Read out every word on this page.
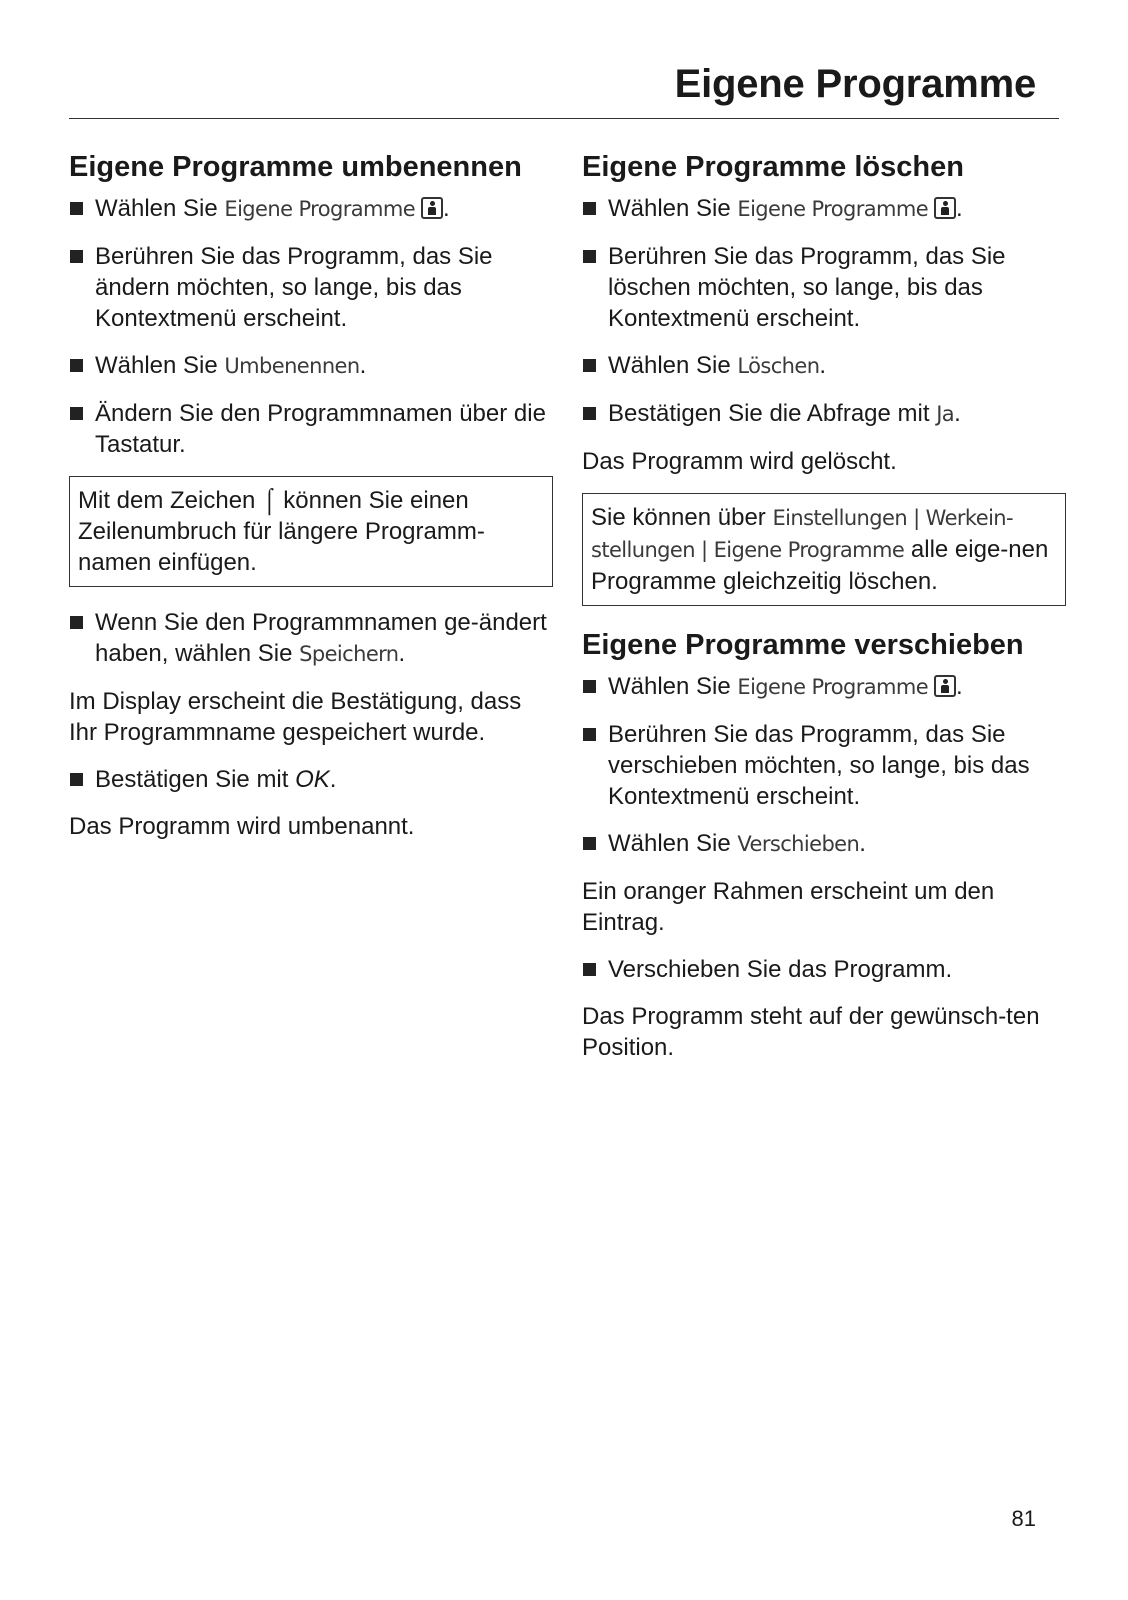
Eigene Programme
Eigene Programme umbenennen
Wählen Sie Eigene Programme .
Berühren Sie das Programm, das Sie ändern möchten, so lange, bis das Kontextmenü erscheint.
Wählen Sie Umbenennen.
Ändern Sie den Programmnamen über die Tastatur.
Mit dem Zeichen ⌠ können Sie einen Zeilenumbruch für längere Programm-namen einfügen.
Wenn Sie den Programmnamen ge-ändert haben, wählen Sie Speichern.
Im Display erscheint die Bestätigung, dass Ihr Programmname gespeichert wurde.
Bestätigen Sie mit OK.
Das Programm wird umbenannt.
Eigene Programme löschen
Wählen Sie Eigene Programme .
Berühren Sie das Programm, das Sie löschen möchten, so lange, bis das Kontextmenü erscheint.
Wählen Sie Löschen.
Bestätigen Sie die Abfrage mit Ja.
Das Programm wird gelöscht.
Sie können über Einstellungen | Werkein-stellungen | Eigene Programme alle eige-nen Programme gleichzeitig löschen.
Eigene Programme verschieben
Wählen Sie Eigene Programme .
Berühren Sie das Programm, das Sie verschieben möchten, so lange, bis das Kontextmenü erscheint.
Wählen Sie Verschieben.
Ein oranger Rahmen erscheint um den Eintrag.
Verschieben Sie das Programm.
Das Programm steht auf der gewünsch-ten Position.
81
